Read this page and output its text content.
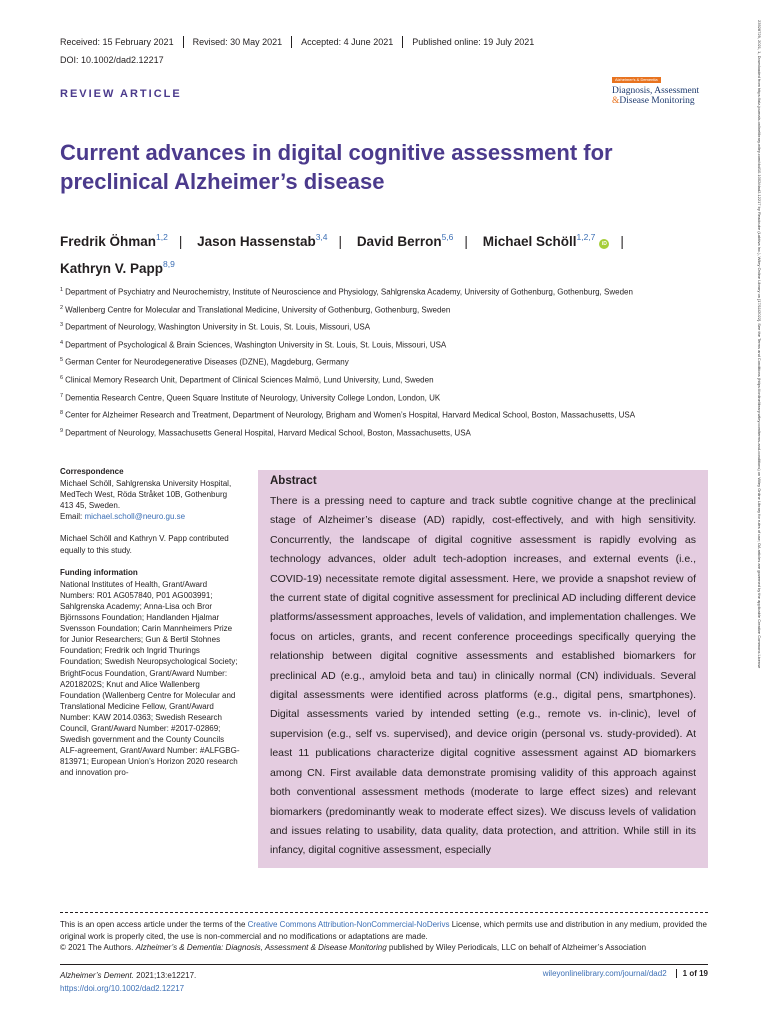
Received: 15 February 2021	Revised: 30 May 2021	Accepted: 4 June 2021	Published online: 19 July 2021
DOI: 10.1002/dad2.12217
Alzheimer's & Dementia
Diagnosis, Assessment
&Disease Monitoring
REVIEW ARTICLE
Current advances in digital cognitive assessment for preclinical Alzheimer’s disease
Fredrik Öhman$^{1,2}$ | Jason Hassenstab$^{3,4}$ | David Berron$^{5,6}$ | Michael Schöll$^{1,2,7}$iD |
Kathryn V. Papp$^{8,9}$
$^1$ Department of Psychiatry and Neurochemistry, Institute of Neuroscience and Physiology, Sahlgrenska Academy, University of Gothenburg, Gothenburg, Sweden
$^2$ Wallenberg Centre for Molecular and Translational Medicine, University of Gothenburg, Gothenburg, Sweden
$^3$ Department of Neurology, Washington University in St. Louis, St. Louis, Missouri, USA
$^4$ Department of Psychological & Brain Sciences, Washington University in St. Louis, St. Louis, Missouri, USA
$^5$ German Center for Neurodegenerative Diseases (DZNE), Magdeburg, Germany
$^6$ Clinical Memory Research Unit, Department of Clinical Sciences Malmö, Lund University, Lund, Sweden
$^7$ Dementia Research Centre, Queen Square Institute of Neurology, University College London, London, UK
$^8$ Center for Alzheimer Research and Treatment, Department of Neurology, Brigham and Women’s Hospital, Harvard Medical School, Boston, Massachusetts, USA
$^9$ Department of Neurology, Massachusetts General Hospital, Harvard Medical School, Boston, Massachusetts, USA
Correspondence

Michael Schöll, Sahlgrenska University Hospital, MedTech West, Röda Stråket 10B, Gothenburg 413 45, Sweden.
Email: michael.scholl@neuro.gu.se

Michael Schöll and Kathryn V. Papp contributed equally to this study.

Funding information

National Institutes of Health, Grant/Award Numbers: R01 AG057840, P01 AG003991; Sahlgrenska Academy; Anna-Lisa och Bror Björnssons Foundation; Handlanden Hjalmar Svensson Foundation; Carin Mannheimers Prize for Junior Researchers; Gun & Bertil Stohnes Foundation; Fredrik och Ingrid Thurings Foundation; Swedish Neuropsychological Society; BrightFocus Foundation, Grant/Award Number: A2018202S; Knut and Alice Wallenberg Foundation (Wallenberg Centre for Molecular and Translational Medicine Fellow, Grant/Award Number: KAW 2014.0363; Swedish Research Council, Grant/Award Number: #2017-02869; Swedish government and the County Councils ALF-agreement, Grant/Award Number: #ALFGBG-813971; European Union’s Horizon 2020 research and innovation pro-

Abstract
There is a pressing need to capture and track subtle cognitive change at the preclinical stage of Alzheimer’s disease (AD) rapidly, cost-effectively, and with high sensitivity. Concurrently, the landscape of digital cognitive assessment is rapidly evolving as technology advances, older adult tech-adoption increases, and external events (i.e., COVID-19) necessitate remote digital assessment. Here, we provide a snapshot review of the current state of digital cognitive assessment for preclinical AD including different device platforms/assessment approaches, levels of validation, and implementation challenges. We focus on articles, grants, and recent conference proceedings specifically querying the relationship between digital cognitive assessments and established biomarkers for preclinical AD (e.g., amyloid beta and tau) in clinically normal (CN) individuals. Several digital assessments were identified across platforms (e.g., digital pens, smartphones). Digital assessments varied by intended setting (e.g., remote vs. in-clinic), level of supervision (e.g., self vs. supervised), and device origin (personal vs. study-provided). At least 11 publications characterize digital cognitive assessment against AD biomarkers among CN. First available data demonstrate promising validity of this approach against both conventional assessment methods (moderate to large effect sizes) and relevant biomarkers (predominantly weak to moderate effect sizes). We discuss levels of validation and issues relating to usability, data quality, data protection, and attrition. While still in its infancy, digital cognitive assessment, especially
This is an open access article under the terms of the Creative Commons Attribution-NonCommercial-NoDerivs License, which permits use and distribution in any medium, provided the original work is properly cited, the use is non-commercial and no modifications or adaptations are made.
© 2021 The Authors. Alzheimer’s & Dementia: Diagnosis, Assessment & Disease Monitoring published by Wiley Periodicals, LLC on behalf of Alzheimer’s Association
Alzheimer’s Dement. 2021;13:e12217.
https://doi.org/10.1002/dad2.12217
wileyonlinelibrary.com/journal/dad2	1 of 19
23528729, 2021, 1, Downloaded from https://alz-journals.onlinelibrary.wiley.com/doi/10.1002/dad2.12217 by Readcube (Labtiva Inc.), Wiley Online Library on [17/11/2022]. See the Terms and Conditions (https://onlinelibrary.wiley.com/terms-and-conditions) on Wiley Online Library for rules of use; OA articles are governed by the applicable Creative Commons License
